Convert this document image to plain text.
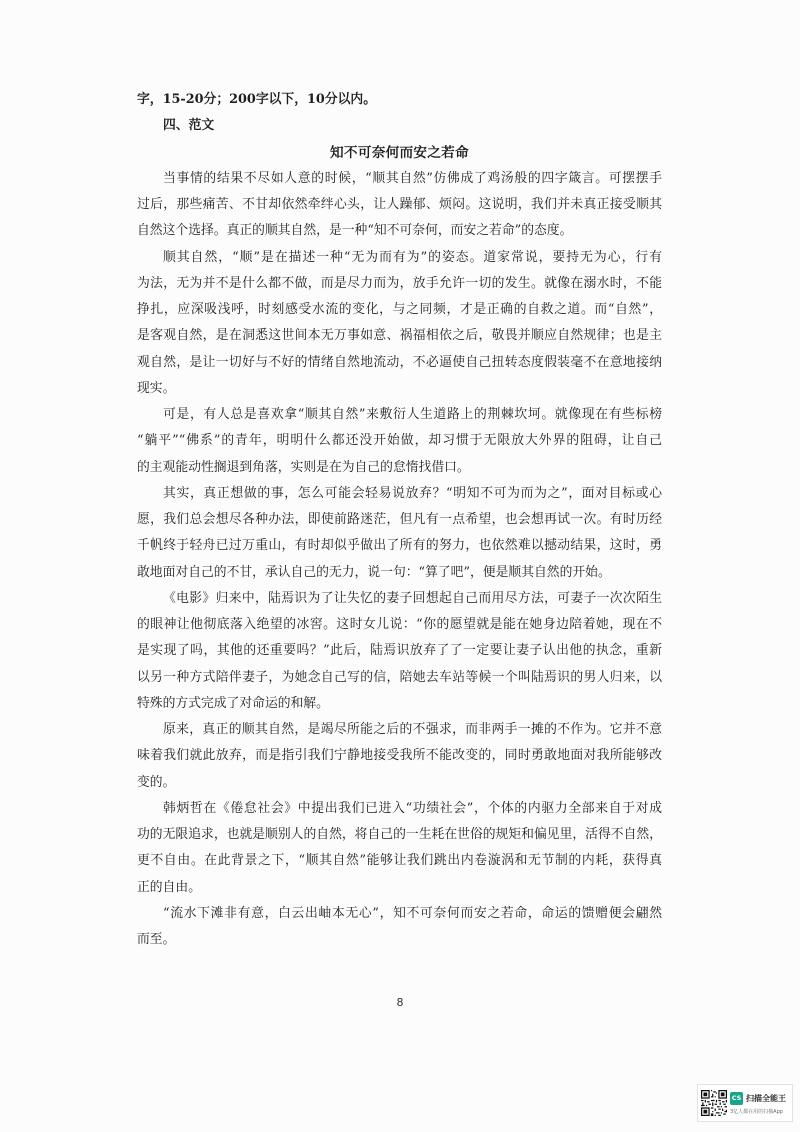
字，15-20分；200字以下，10分以内。
四、范文
知不可奈何而安之若命
当事情的结果不尽如人意的时候，“顺其自然”仿佛成了鸡汤般的四字箴言。可摆摆手
过后，那些痛苦、不甘却依然牵绊心头，让人躁郁、烦闷。这说明，我们并未真正接受顺其
自然这个选择。真正的顺其自然，是一种“知不可奈何，而安之若命”的态度。
顺其自然，“顺”是在描述一种“无为而有为”的姿态。道家常说，要持无为心，行有
为法，无为并不是什么都不做，而是尽力而为，放手允许一切的发生。就像在溺水时，不能
挣扎，应深吸浅呼，时刻感受水流的变化，与之同频，才是正确的自救之道。而“自然”，
是客观自然，是在洞悉这世间本无万事如意、祸福相依之后，敬畏并顺应自然规律；也是主
观自然，是让一切好与不好的情绪自然地流动，不必逼使自己扭转态度假装毫不在意地接纳
现实。
可是，有人总是喜欢拿“顺其自然”来敷衍人生道路上的荆棘坎坷。就像现在有些标榜
“躺平”“佛系”的青年，明明什么都还没开始做，却习惯于无限放大外界的阻碍，让自己
的主观能动性搁退到角落，实则是在为自己的怠惰找借口。
其实，真正想做的事，怎么可能会轻易说放弃？“明知不可为而为之”，面对目标或心
愿，我们总会想尽各种办法，即使前路迷茫，但凡有一点希望，也会想再试一次。有时历经
千帆终于轻舟已过万重山，有时却似乎做出了所有的努力，也依然难以撼动结果，这时，勇
敢地面对自己的不甘，承认自己的无力，说一句：“算了吧”，便是顺其自然的开始。
《电影》归来中，陆焉识为了让失忆的妻子回想起自己而用尽方法，可妻子一次次陌生
的眼神让他彻底落入绝望的冰窖。这时女儿说：“你的愿望就是能在她身边陪着她，现在不
是实现了吗，其他的还重要吗？”此后，陆焉识放弃了了一定要让妻子认出他的执念，重新
以另一种方式陪伴妻子，为她念自己写的信，陪她去车站等候一个叫陆焉识的男人归来，以
特殊的方式完成了对命运的和解。
原来，真正的顺其自然，是竭尽所能之后的不强求，而非两手一摊的不作为。它并不意
味着我们就此放弃，而是指引我们宁静地接受我所不能改变的，同时勇敢地面对我所能够改
变的。
韩炳哲在《倦怠社会》中提出我们已进入“功绩社会”，个体的内驱力全部来自于对成
功的无限追求，也就是顺别人的自然，将自己的一生耗在世俗的规矩和偏见里，活得不自然，
更不自由。在此背景之下，“顺其自然”能够让我们跳出内卷漩涡和无节制的内耗，获得真
正的自由。
“流水下滩非有意，白云出岫本无心”，知不可奈何而安之若命，命运的馈赠便会翩然
而至。
8
CS 扫描全能王
3亿人都在用的扫描App
